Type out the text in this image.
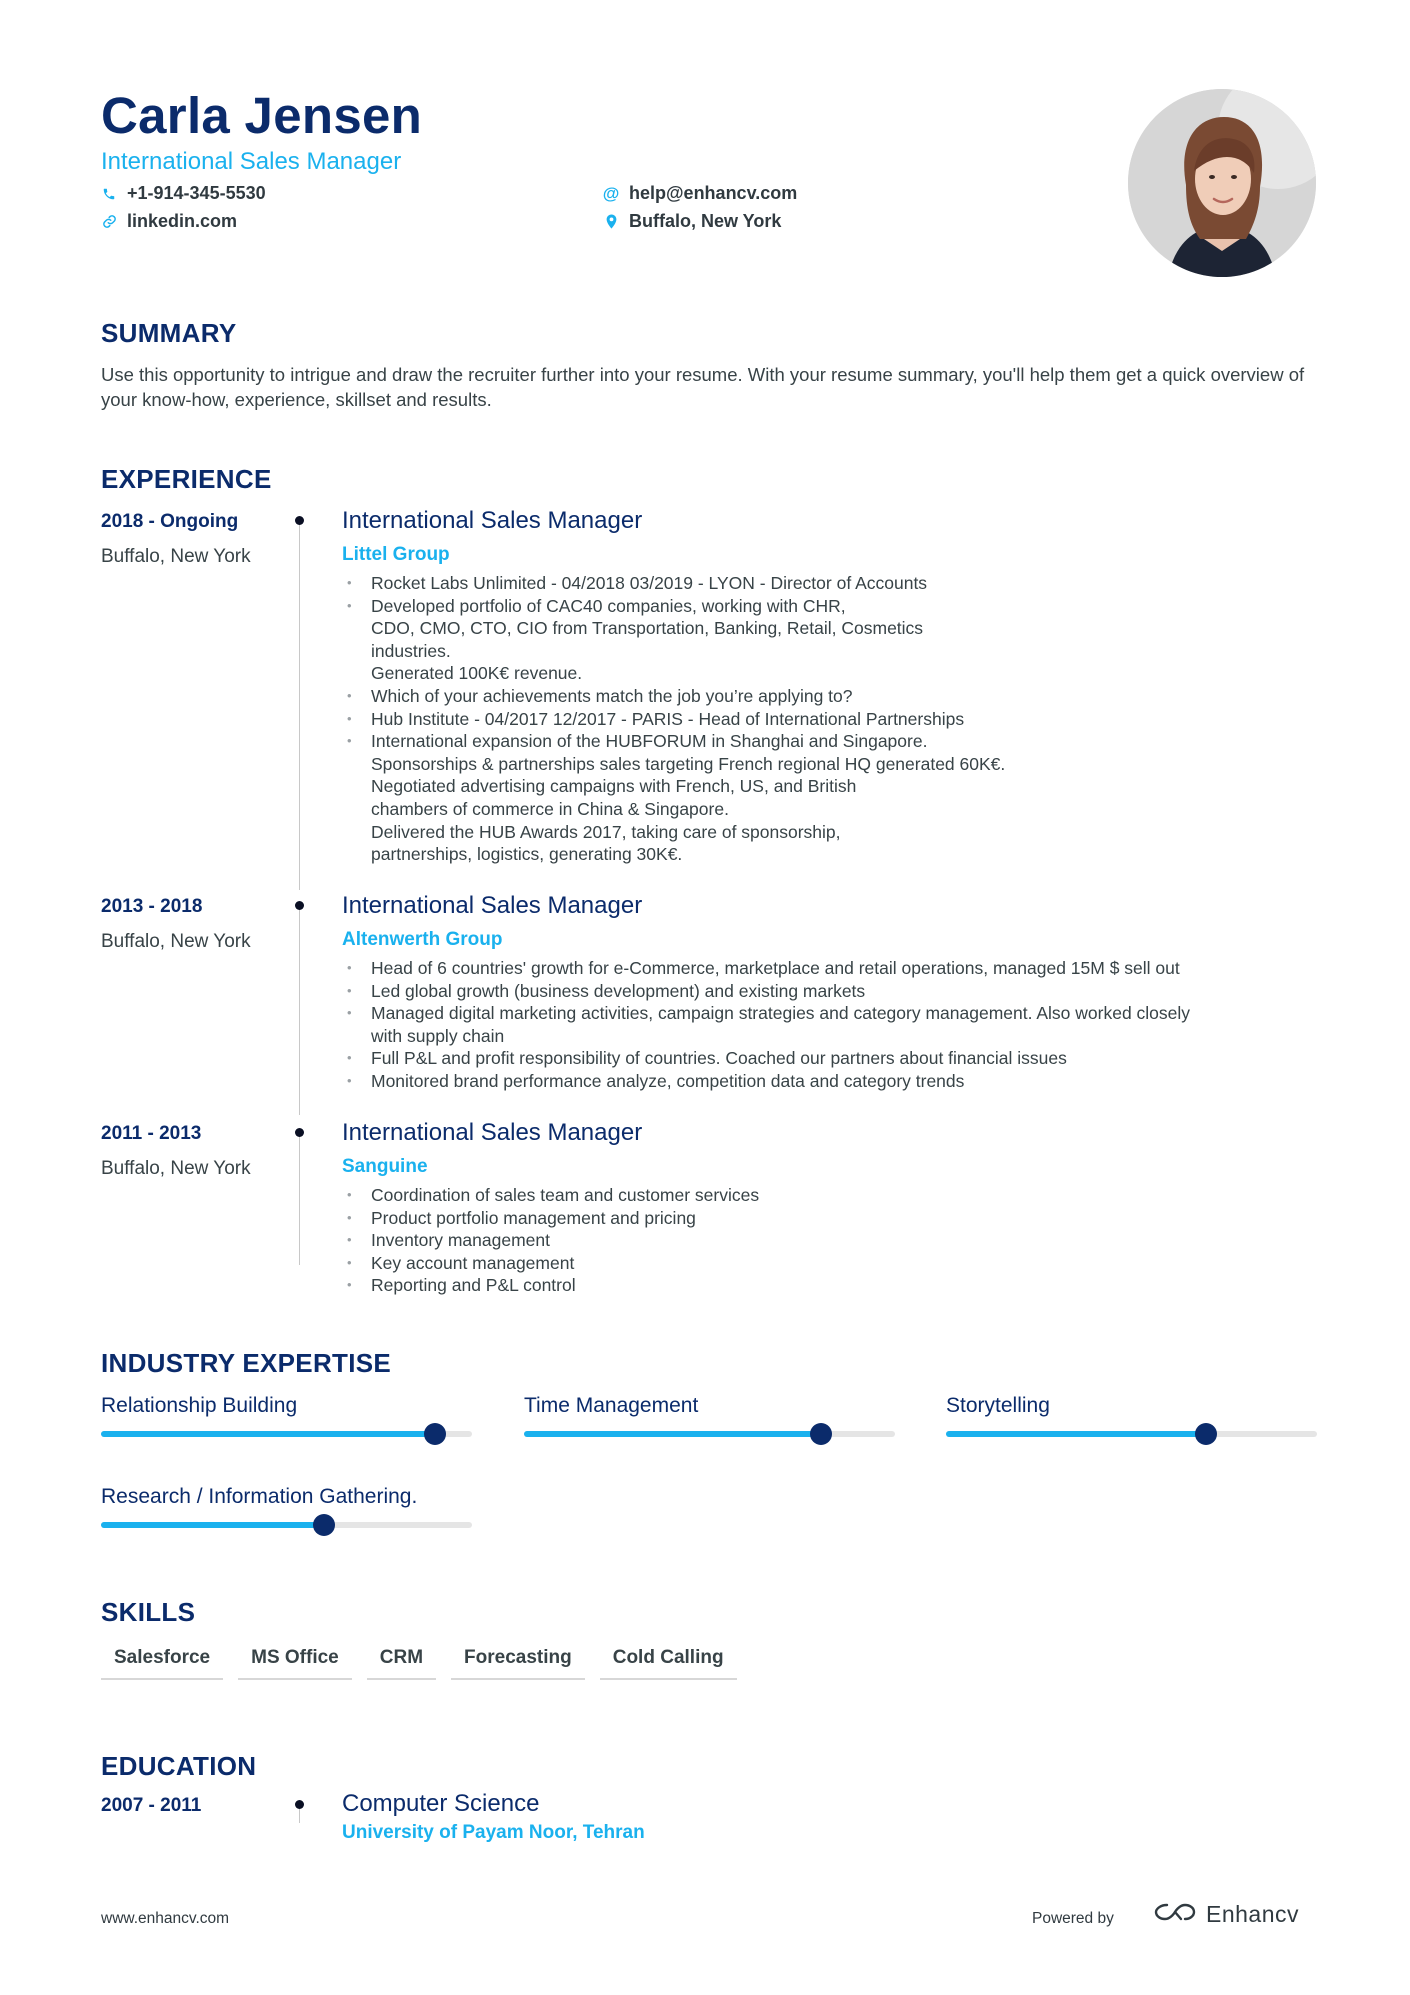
Carla Jensen
International Sales Manager
+1-914-345-5530
linkedin.com
@ help@enhancv.com
Buffalo, New York
SUMMARY
Use this opportunity to intrigue and draw the recruiter further into your resume. With your resume summary, you'll help them get a quick overview of your know-how, experience, skillset and results.
EXPERIENCE
2018 - Ongoing
Buffalo, New York
International Sales Manager
Littel Group
• Rocket Labs Unlimited - 04/2018 03/2019 - LYON - Director of Accounts
• Developed portfolio of CAC40 companies, working with CHR,
CDO, CMO, CTO, CIO from Transportation, Banking, Retail, Cosmetics
industries.
Generated 100K€ revenue.
• Which of your achievements match the job you’re applying to?
• Hub Institute - 04/2017 12/2017 - PARIS - Head of International Partnerships
• International expansion of the HUBFORUM in Shanghai and Singapore.
Sponsorships & partnerships sales targeting French regional HQ generated 60K€.
Negotiated advertising campaigns with French, US, and British
chambers of commerce in China & Singapore.
Delivered the HUB Awards 2017, taking care of sponsorship,
partnerships, logistics, generating 30K€.
2013 - 2018
Buffalo, New York
International Sales Manager
Altenwerth Group
• Head of 6 countries' growth for e-Commerce, marketplace and retail operations, managed 15M $ sell out
• Led global growth (business development) and existing markets
• Managed digital marketing activities, campaign strategies and category management. Also worked closely
with supply chain
• Full P&L and profit responsibility of countries. Coached our partners about financial issues
• Monitored brand performance analyze, competition data and category trends
2011 - 2013
Buffalo, New York
International Sales Manager
Sanguine
• Coordination of sales team and customer services
• Product portfolio management and pricing
• Inventory management
• Key account management
• Reporting and P&L control
INDUSTRY EXPERTISE
Relationship Building	Time Management	Storytelling
Research / Information Gathering.
SKILLS
Salesforce	MS Office	CRM	Forecasting	Cold Calling
EDUCATION
2007 - 2011	Computer Science
University of Payam Noor, Tehran
www.enhancv.com	Powered by	Enhancv
